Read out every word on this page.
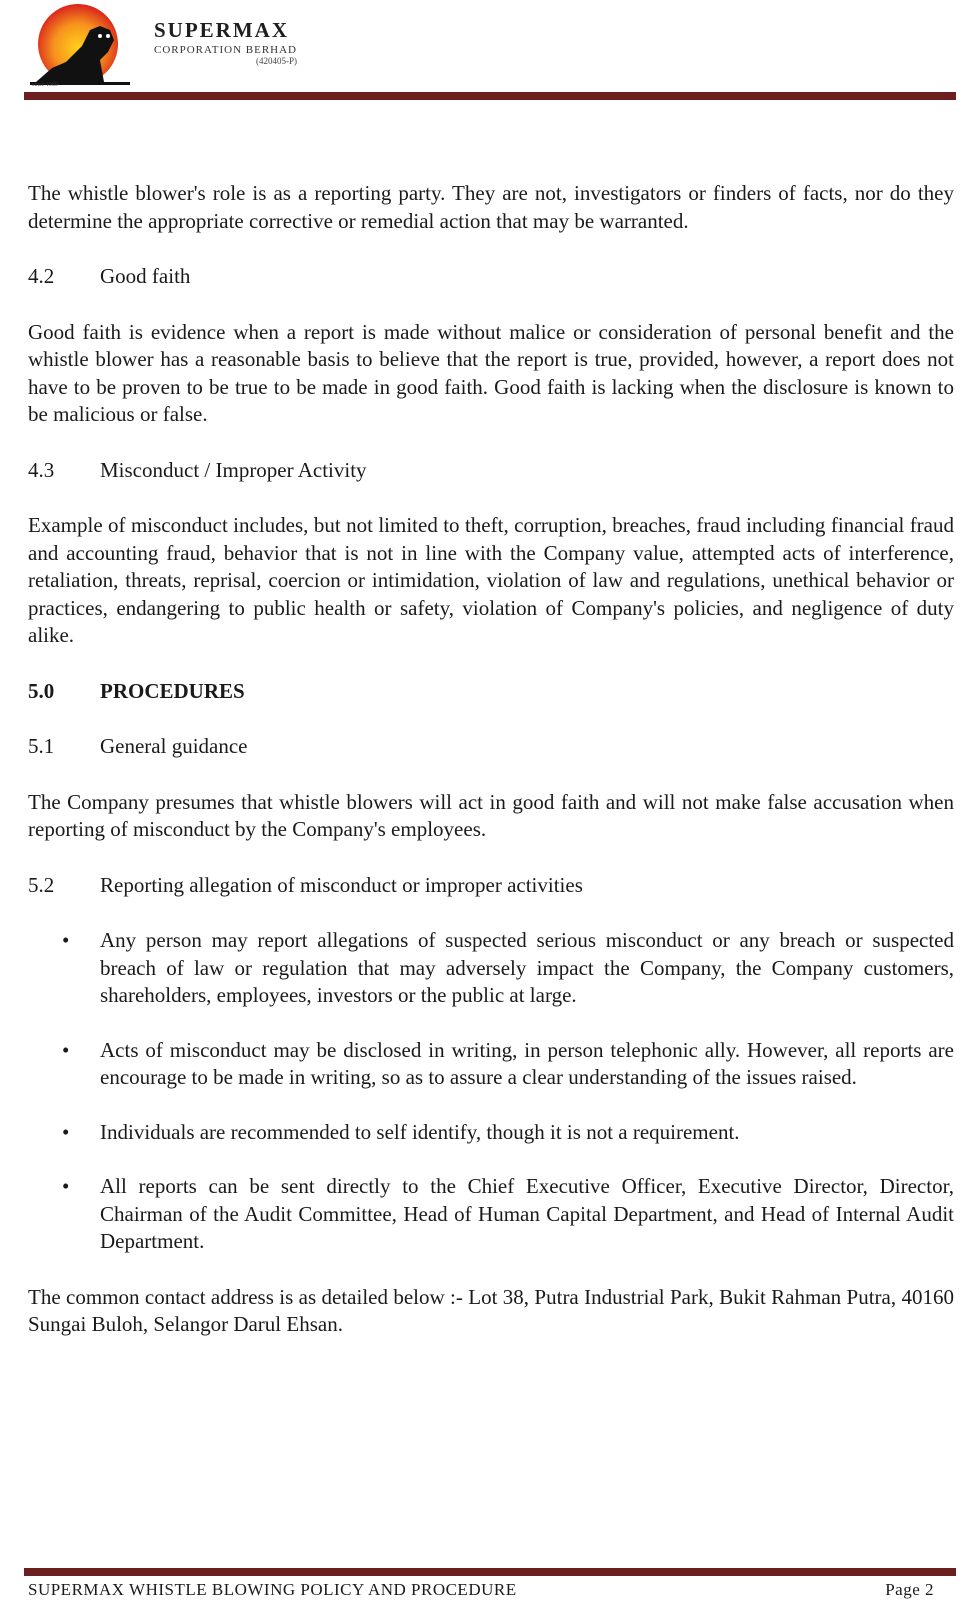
since 1989
SUPERMAX
CORPORATION BERHAD
(420405-P)

The whistle blower's role is as a reporting party. They are not, investigators or finders of facts, nor do they determine the appropriate corrective or remedial action that may be warranted.

4.2	Good faith

Good faith is evidence when a report is made without malice or consideration of personal benefit and the whistle blower has a reasonable basis to believe that the report is true, provided, however, a report does not have to be proven to be true to be made in good faith. Good faith is lacking when the disclosure is known to be malicious or false.

4.3	Misconduct / Improper Activity

Example of misconduct includes, but not limited to theft, corruption, breaches, fraud including financial fraud and accounting fraud, behavior that is not in line with the Company value, attempted acts of interference, retaliation, threats, reprisal, coercion or intimidation, violation of law and regulations, unethical behavior or practices, endangering to public health or safety, violation of Company's policies, and negligence of duty alike.

5.0	PROCEDURES
5.1	General guidance

The Company presumes that whistle blowers will act in good faith and will not make false accusation when reporting of misconduct by the Company's employees.

5.2	Reporting allegation of misconduct or improper activities
•	Any person may report allegations of suspected serious misconduct or any breach or suspected breach of law or regulation that may adversely impact the Company, the Company customers, shareholders, employees, investors or the public at large.
•	Acts of misconduct may be disclosed in writing, in person telephonic ally. However, all reports are encourage to be made in writing, so as to assure a clear understanding of the issues raised.
•	Individuals are recommended to self identify, though it is not a requirement.
•	All reports can be sent directly to the Chief Executive Officer, Executive Director, Director, Chairman of the Audit Committee, Head of Human Capital Department, and Head of Internal Audit Department.

The common contact address is as detailed below :- Lot 38, Putra Industrial Park, Bukit Rahman Putra, 40160 Sungai Buloh, Selangor Darul Ehsan.

SUPERMAX WHISTLE BLOWING POLICY AND PROCEDURE	Page 2
